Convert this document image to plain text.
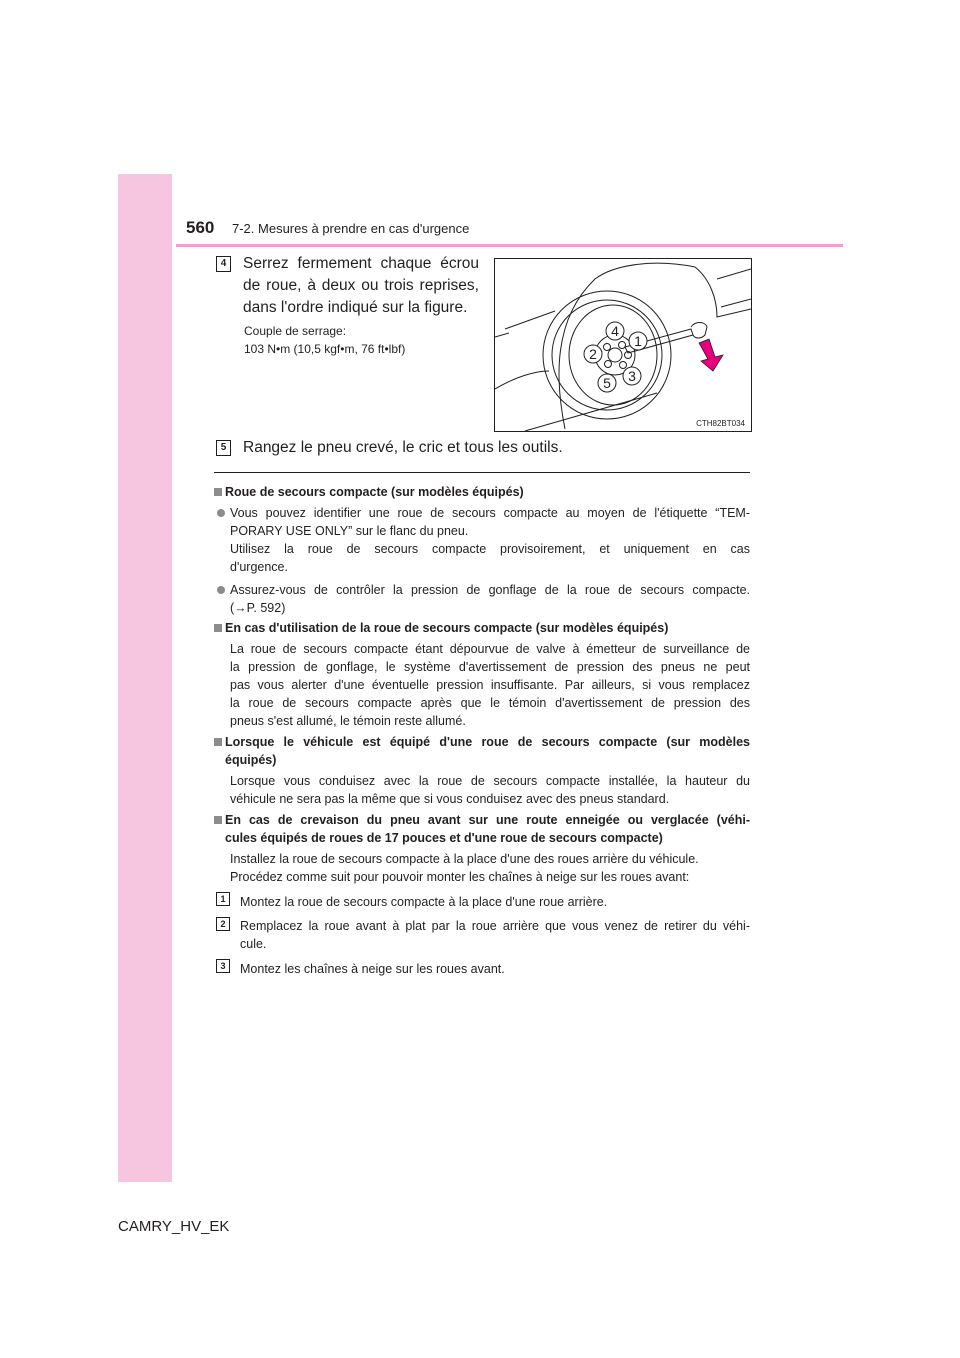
560 7-2. Mesures à prendre en cas d'urgence
4	Serrez fermement chaque écrou
de roue, à deux ou trois reprises,
dans l'ordre indiqué sur la figure.
Couple de serrage:
103 N•m (10,5 kgf•m, 76 ft•lbf)
4
1
2
3
5
CTH82BT034
5	Rangez le pneu crevé, le cric et tous les outils.
Roue de secours compacte (sur modèles équipés)
Vous pouvez identifier une roue de secours compacte au moyen de l'étiquette “TEM-
PORARY USE ONLY” sur le flanc du pneu.
Utilisez la roue de secours compacte provisoirement, et uniquement en cas
d'urgence.
Assurez-vous de contrôler la pression de gonflage de la roue de secours compacte.
(→P. 592)
En cas d'utilisation de la roue de secours compacte (sur modèles équipés)
La roue de secours compacte étant dépourvue de valve à émetteur de surveillance de
la pression de gonflage, le système d'avertissement de pression des pneus ne peut
pas vous alerter d'une éventuelle pression insuffisante. Par ailleurs, si vous remplacez
la roue de secours compacte après que le témoin d'avertissement de pression des
pneus s'est allumé, le témoin reste allumé.
Lorsque le véhicule est équipé d'une roue de secours compacte (sur modèles
équipés)
Lorsque vous conduisez avec la roue de secours compacte installée, la hauteur du
véhicule ne sera pas la même que si vous conduisez avec des pneus standard.
En cas de crevaison du pneu avant sur une route enneigée ou verglacée (véhi-
cules équipés de roues de 17 pouces et d'une roue de secours compacte)
Installez la roue de secours compacte à la place d'une des roues arrière du véhicule.
Procédez comme suit pour pouvoir monter les chaînes à neige sur les roues avant:
1	Montez la roue de secours compacte à la place d'une roue arrière.
2	Remplacez la roue avant à plat par la roue arrière que vous venez de retirer du véhi-
cule.
3	Montez les chaînes à neige sur les roues avant.
CAMRY_HV_EK
